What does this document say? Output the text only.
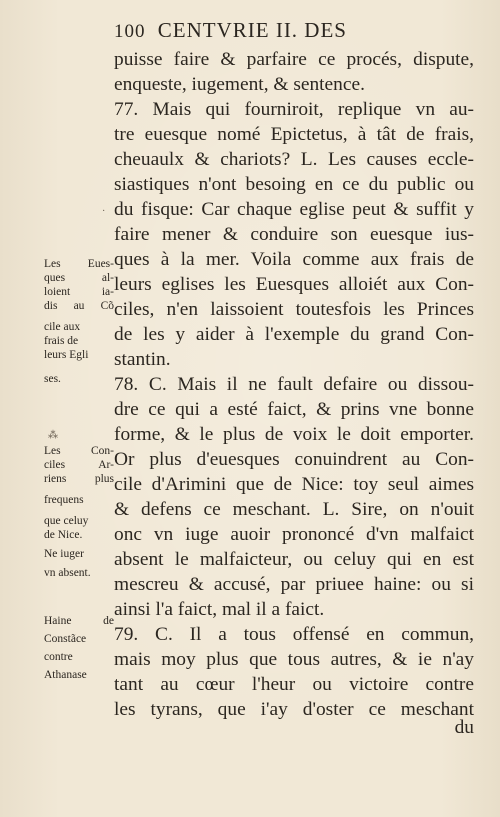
100 CENTVRIE II. DES
puisse faire & parfaire ce procés, dispute,
enqueste, iugement, & sentence.
77. Mais qui fourniroit, replique vn au-
tre euesque nomé Epictetus, à tât de frais,
cheuaulx & chariots? L. Les causes eccle-
siastiques n'ont besoing en ce du public ou
du fisque: Car chaque eglise peut & suffit y
faire mener & conduire son euesque ius-
ques à la mer. Voila comme aux frais de
leurs eglises les Euesques alloiét aux Con-
ciles, n'en laissoient toutesfois les Princes
de les y aider à l'exemple du grand Con-
stantin.
78. C. Mais il ne fault defaire ou dissou-
dre ce qui a esté faict, & prins vne bonne
forme, & le plus de voix le doit emporter.
Or plus d'euesques conuindrent au Con-
cile d'Arimini que de Nice: toy seul aimes
& defens ce meschant. L. Sire, on n'ouit
onc vn iuge auoir prononcé d'vn malfaict
absent le malfaicteur, ou celuy qui en est
mescreu & accusé, par priuee haine: ou si
ainsi l'a faict, mal il a faict.
79. C. Il a tous offensé en commun,
mais moy plus que tous autres, & ie n'ay
tant au cœur l'heur ou victoire contre
les tyrans, que i'ay d'oster ce meschant
du
Les Eues-
ques al-
loient ia-
dis au Cõ
cile aux
frais de
leurs Egli
ses.
Les Con-
ciles Ar-
riens plus
frequens
que celuy
de Nice.
Ne iuger
vn absent.
Haine de
Constãce
contre
Athanase
·
⁂
